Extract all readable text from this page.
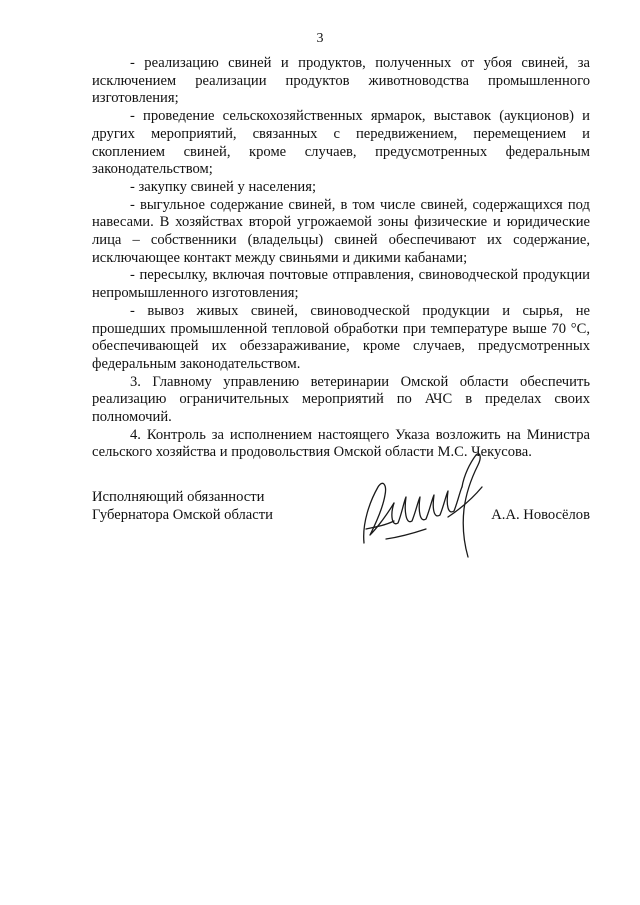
3

- реализацию свиней и продуктов, полученных от убоя свиней, за исключением реализации продуктов животноводства промышленного изготовления;

- проведение сельскохозяйственных ярмарок, выставок (аукционов) и других мероприятий, связанных с передвижением, перемещением и скоплением свиней, кроме случаев, предусмотренных федеральным законодательством;

- закупку свиней у населения;

- выгульное содержание свиней, в том числе свиней, содержащихся под навесами. В хозяйствах второй угрожаемой зоны физические и юридические лица – собственники (владельцы) свиней обеспечивают их содержание, исключающее контакт между свиньями и дикими кабанами;

- пересылку, включая почтовые отправления, свиноводческой продукции непромышленного изготовления;

- вывоз живых свиней, свиноводческой продукции и сырья, не прошедших промышленной тепловой обработки при температуре выше 70 °С, обеспечивающей их обеззараживание, кроме случаев, предусмотренных федеральным законодательством.

3. Главному управлению ветеринарии Омской области обеспечить реализацию ограничительных мероприятий по АЧС в пределах своих полномочий.

4. Контроль за исполнением настоящего Указа возложить на Министра сельского хозяйства и продовольствия Омской области М.С. Чекусова.

Исполняющий обязанности
Губернатора Омской области	А.А. Новосёлов
